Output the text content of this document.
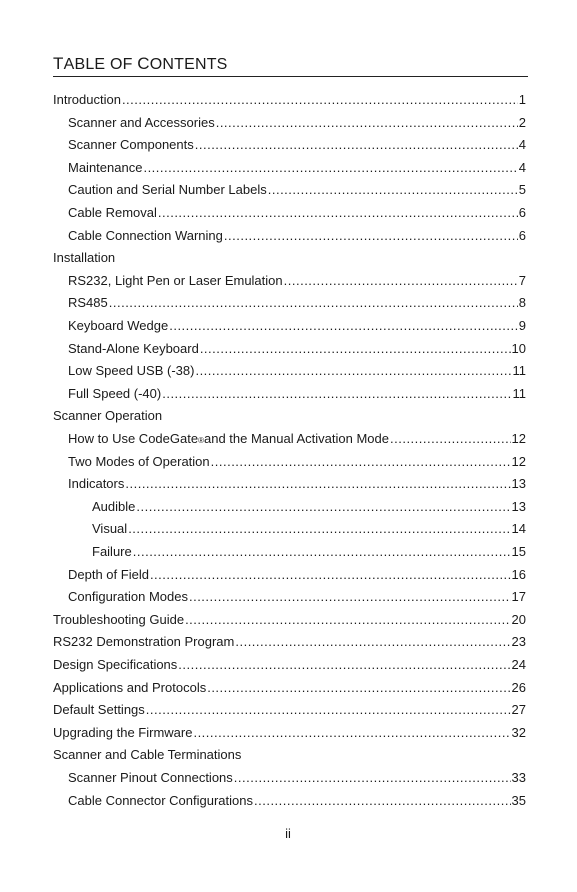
TABLE OF CONTENTS
Introduction .....	1
Scanner and Accessories .....	2
Scanner Components .....	4
Maintenance .....	4
Caution and Serial Number Labels .....	5
Cable Removal .....	6
Cable Connection Warning .....	6
Installation
RS232, Light Pen or Laser Emulation .....	7
RS485 .....	8
Keyboard Wedge .....	9
Stand-Alone Keyboard .....	10
Low Speed USB (-38) .....	11
Full Speed (-40) .....	11
Scanner Operation
How to Use CodeGate ® and the Manual Activation Mode .....	12
Two Modes of Operation .....	12
Indicators .....	13
Audible .....	13
Visual .....	14
Failure .....	15
Depth of Field .....	16
Configuration Modes .....	17
Troubleshooting Guide .....	20
RS232 Demonstration Program .....	23
Design Specifications .....	24
Applications and Protocols .....	26
Default Settings .....	27
Upgrading the Firmware .....	32
Scanner and Cable Terminations
Scanner Pinout Connections .....	33
Cable Connector Configurations .....	35
ii
